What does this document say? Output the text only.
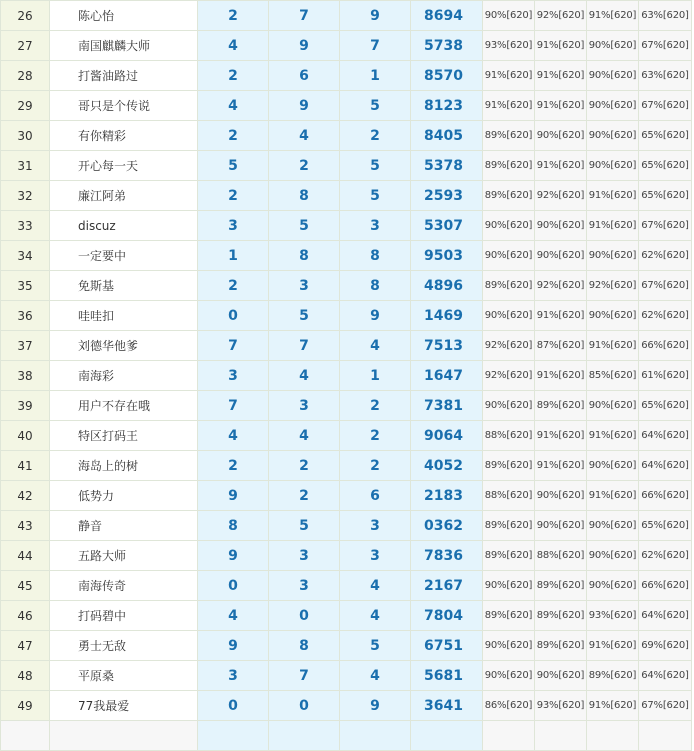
26	陈心怡	2	7	9	8694	90%[620]	92%[620]	91%[620]	63%[620]
27	南国麒麟大师	4	9	7	5738	93%[620]	91%[620]	90%[620]	67%[620]
28	打酱油路过	2	6	1	8570	91%[620]	91%[620]	90%[620]	63%[620]
29	哥只是个传说	4	9	5	8123	91%[620]	91%[620]	90%[620]	67%[620]
30	有你精彩	2	4	2	8405	89%[620]	90%[620]	90%[620]	65%[620]
31	开心每一天	5	2	5	5378	89%[620]	91%[620]	90%[620]	65%[620]
32	廉江阿弟	2	8	5	2593	89%[620]	92%[620]	91%[620]	65%[620]
33	discuz	3	5	3	5307	90%[620]	90%[620]	91%[620]	67%[620]
34	一定要中	1	8	8	9503	90%[620]	90%[620]	90%[620]	62%[620]
35	免斯基	2	3	8	4896	89%[620]	92%[620]	92%[620]	67%[620]
36	哇哇扣	0	5	9	1469	90%[620]	91%[620]	90%[620]	62%[620]
37	刘德华他爹	7	7	4	7513	92%[620]	87%[620]	91%[620]	66%[620]
38	南海彩	3	4	1	1647	92%[620]	91%[620]	85%[620]	61%[620]
39	用户不存在哦	7	3	2	7381	90%[620]	89%[620]	90%[620]	65%[620]
40	特区打码王	4	4	2	9064	88%[620]	91%[620]	91%[620]	64%[620]
41	海岛上的树	2	2	2	4052	89%[620]	91%[620]	90%[620]	64%[620]
42	低势力	9	2	6	2183	88%[620]	90%[620]	91%[620]	66%[620]
43	静音	8	5	3	0362	89%[620]	90%[620]	90%[620]	65%[620]
44	五路大师	9	3	3	7836	89%[620]	88%[620]	90%[620]	62%[620]
45	南海传奇	0	3	4	2167	90%[620]	89%[620]	90%[620]	66%[620]
46	打码碧中	4	0	4	7804	89%[620]	89%[620]	93%[620]	64%[620]
47	勇士无敌	9	8	5	6751	90%[620]	89%[620]	91%[620]	69%[620]
48	平原桑	3	7	4	5681	90%[620]	90%[620]	89%[620]	64%[620]
49	77我最爱	0	0	9	3641	86%[620]	93%[620]	91%[620]	67%[620]
